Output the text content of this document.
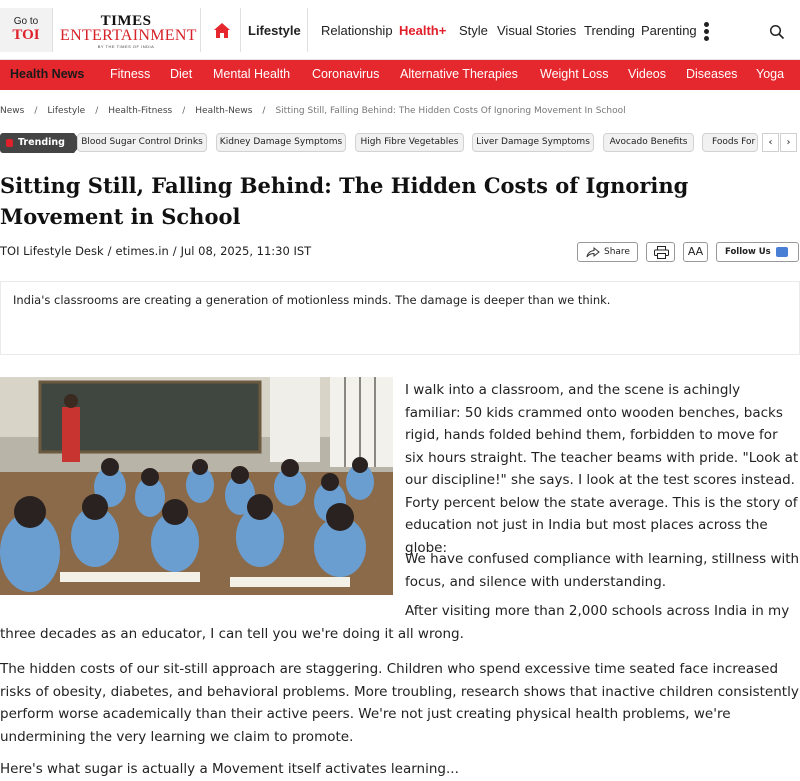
Go to
TOI
TIMES
ENTERTAINMENT
BY THE TIMES OF INDIA
Lifestyle Relationship Health+ Style Visual Stories Trending Parenting
Health News Fitness Diet Mental Health Coronavirus Alternative Therapies Weight Loss Videos Diseases Yoga
News / Lifestyle / Health-Fitness / Health-News / Sitting Still, Falling Behind: The Hidden Costs Of Ignoring Movement In School
Trending	Blood Sugar Control Drinks	Kidney Damage Symptoms	High Fibre Vegetables	Liver Damage Symptoms	Avocado Benefits	Foods For	‹	›
Sitting Still, Falling Behind: The Hidden Costs of Ignoring Movement in School
TOI Lifestyle Desk / etimes.in / Jul 08, 2025, 11:30 IST	Share	AA	Follow Us

India's classrooms are creating a generation of motionless minds. The damage is deeper than we think.

I walk into a classroom, and the scene is achingly familiar: 50 kids crammed onto wooden benches, backs rigid, hands folded behind them, forbidden to move for six hours straight. The teacher beams with pride. "Look at our discipline!" she says. I look at the test scores instead. Forty percent below the state average. This is the story of education not just in India but most places across the globe:
We have confused compliance with learning, stillness with focus, and silence with understanding.
After visiting more than 2,000 schools across India in my
three decades as an educator, I can tell you we're doing it all wrong.
The hidden costs of our sit-still approach are staggering. Children who spend excessive time seated face increased risks of obesity, diabetes, and behavioral problems. More troubling, research shows that inactive children consistently perform worse academically than their active peers. We're not just creating physical health problems, we're undermining the very learning we claim to promote.
Here's what sugar is actually a Movement itself activates learning...
